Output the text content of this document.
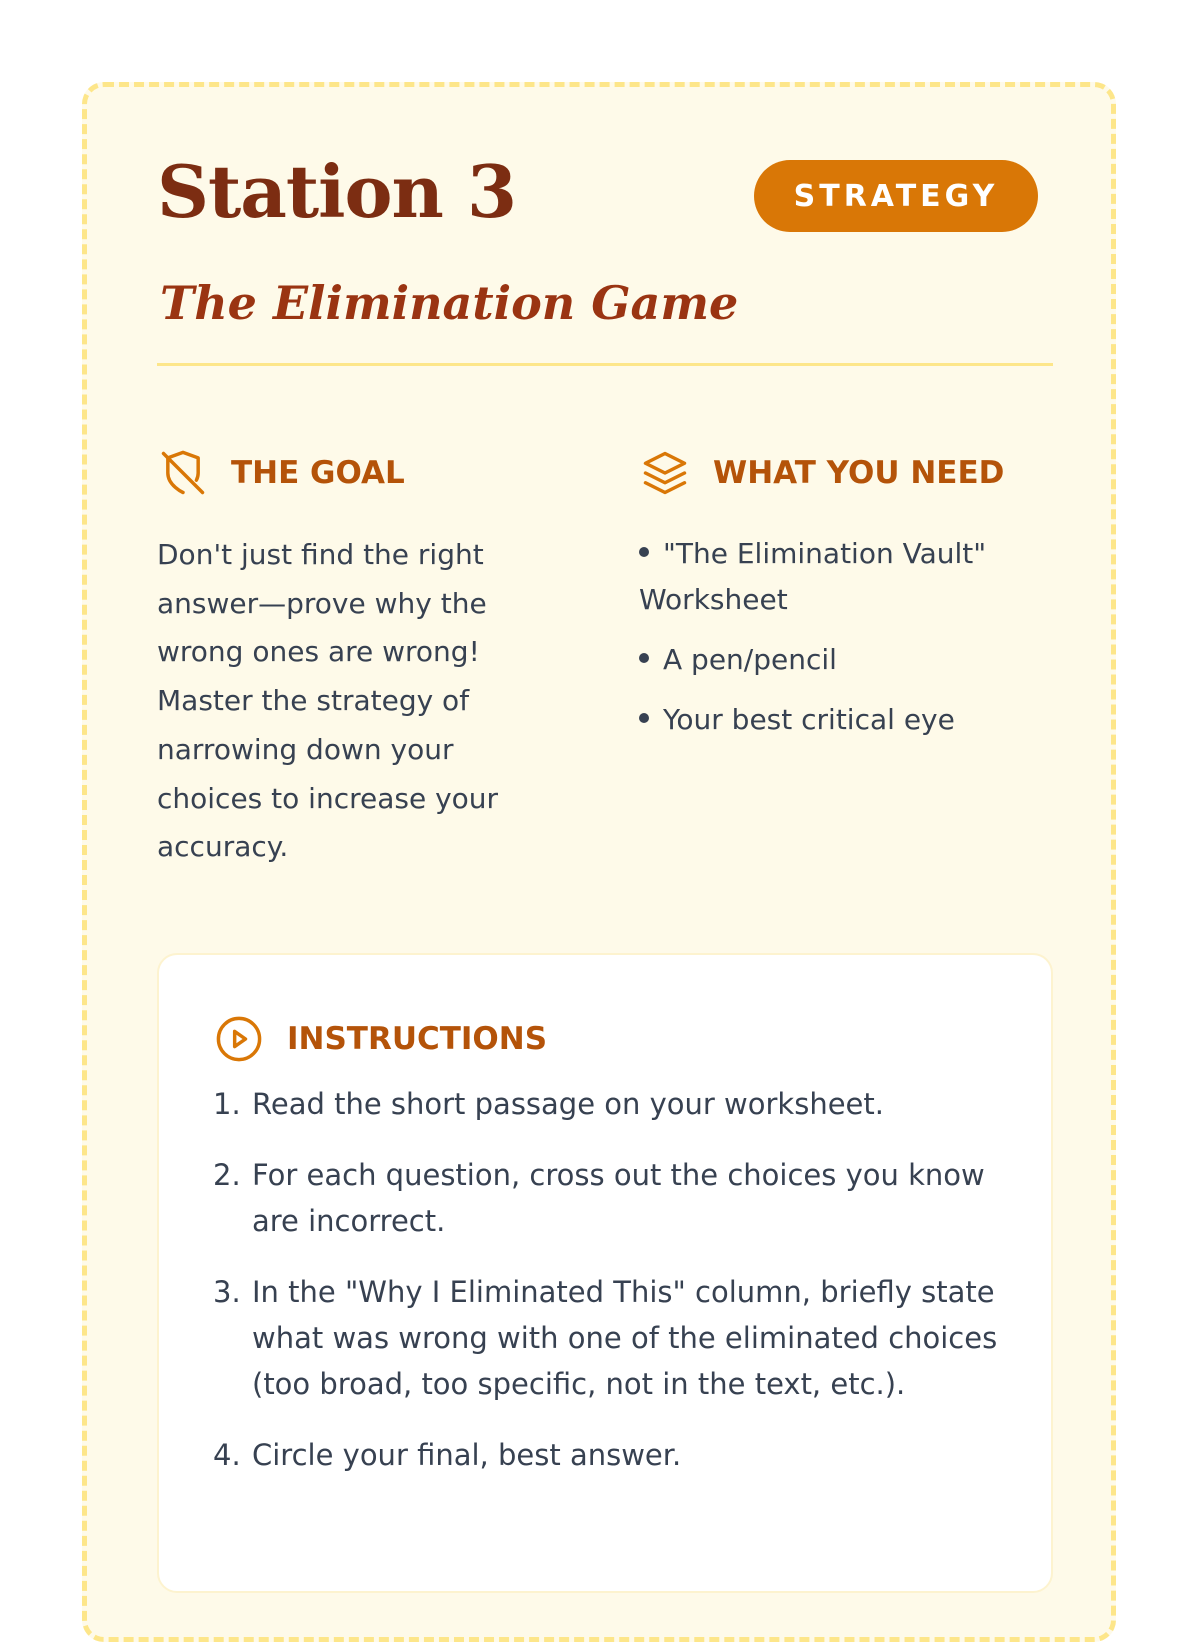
Station 3	STRATEGY
The Elimination Game
THE GOAL

Don't just find the right answer—prove why the wrong ones are wrong! Master the strategy of narrowing down your choices to increase your accuracy.

WHAT YOU NEED
"The Elimination Vault" Worksheet
A pen/pencil
Your best critical eye
INSTRUCTIONS
1. Read the short passage on your worksheet.
2. For each question, cross out the choices you know are incorrect.
3. In the "Why I Eliminated This" column, briefly state what was wrong with one of the eliminated choices (too broad, too specific, not in the text, etc.).
4. Circle your final, best answer.
